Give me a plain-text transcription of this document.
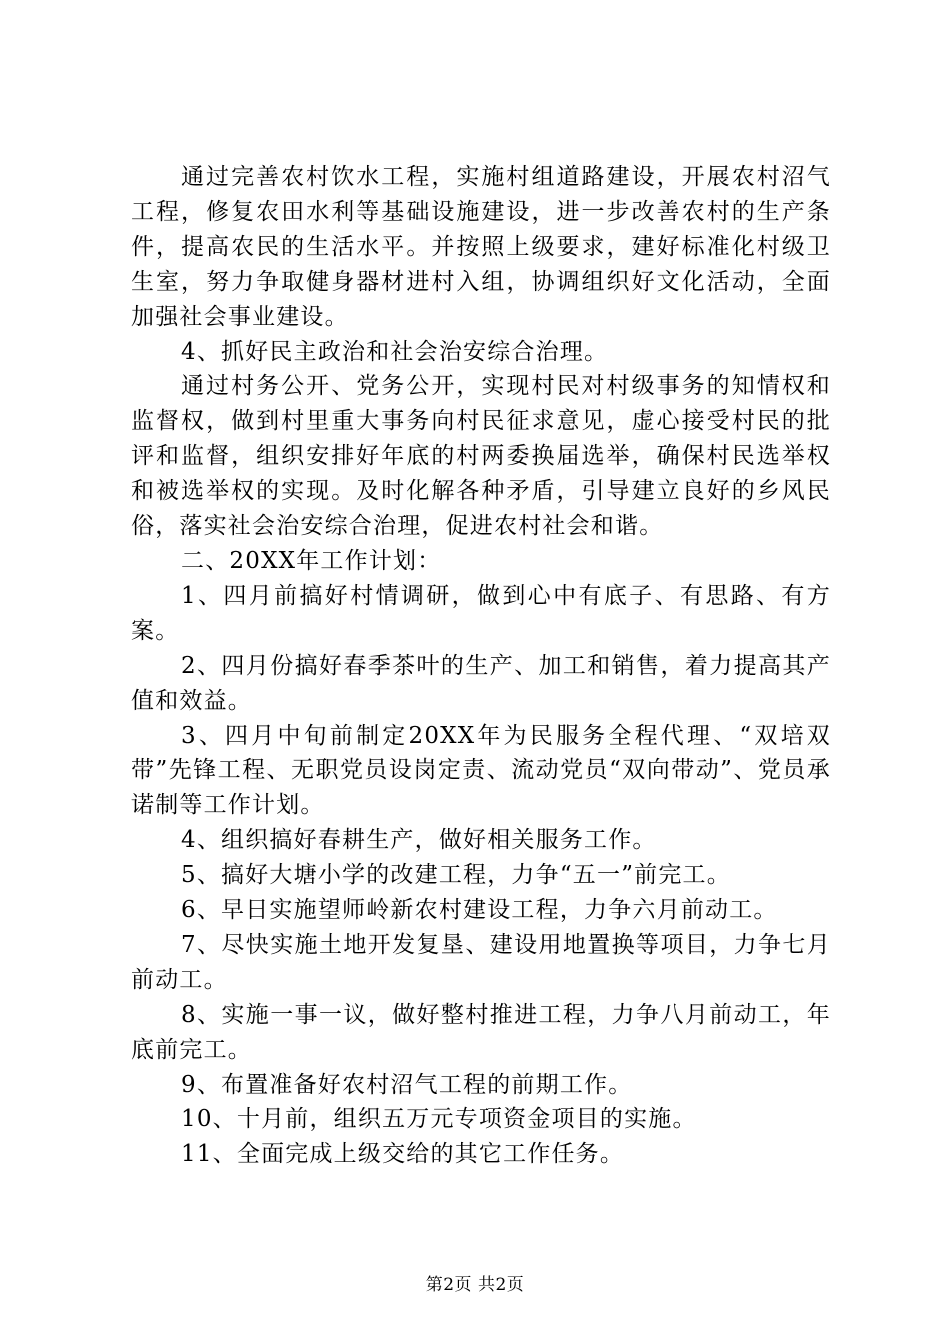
通过完善农村饮水工程，实施村组道路建设，开展农村沼气工程，修复农田水利等基础设施建设，进一步改善农村的生产条件，提高农民的生活水平。并按照上级要求，建好标准化村级卫生室，努力争取健身器材进村入组，协调组织好文化活动，全面加强社会事业建设。

4、抓好民主政治和社会治安综合治理。

通过村务公开、党务公开，实现村民对村级事务的知情权和监督权，做到村里重大事务向村民征求意见，虚心接受村民的批评和监督，组织安排好年底的村两委换届选举，确保村民选举权和被选举权的实现。及时化解各种矛盾，引导建立良好的乡风民俗，落实社会治安综合治理，促进农村社会和谐。

二、20XX年工作计划：

1、四月前搞好村情调研，做到心中有底子、有思路、有方案。

2、四月份搞好春季茶叶的生产、加工和销售，着力提高其产值和效益。

3、四月中旬前制定20XX年为民服务全程代理、“双培双带”先锋工程、无职党员设岗定责、流动党员“双向带动”、党员承诺制等工作计划。

4、组织搞好春耕生产，做好相关服务工作。

5、搞好大塘小学的改建工程，力争“五一”前完工。

6、早日实施望师岭新农村建设工程，力争六月前动工。

7、尽快实施土地开发复垦、建设用地置换等项目，力争七月前动工。

8、实施一事一议，做好整村推进工程，力争八月前动工，年底前完工。

9、布置准备好农村沼气工程的前期工作。

10、十月前，组织五万元专项资金项目的实施。

11、全面完成上级交给的其它工作任务。

第2页 共2页
